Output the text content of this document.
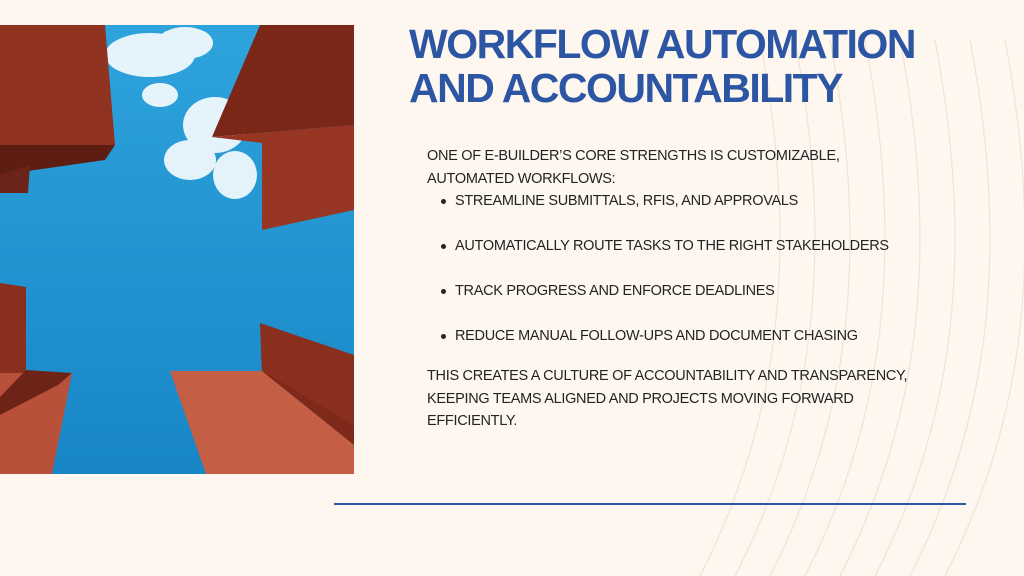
WORKFLOW AUTOMATION
AND ACCOUNTABILITY

ONE OF E-BUILDER’S CORE STRENGTHS IS CUSTOMIZABLE,
AUTOMATED WORKFLOWS:

STREAMLINE SUBMITTALS, RFIS, AND APPROVALS
AUTOMATICALLY ROUTE TASKS TO THE RIGHT STAKEHOLDERS
TRACK PROGRESS AND ENFORCE DEADLINES
REDUCE MANUAL FOLLOW-UPS AND DOCUMENT CHASING

THIS CREATES A CULTURE OF ACCOUNTABILITY AND TRANSPARENCY,
KEEPING TEAMS ALIGNED AND PROJECTS MOVING FORWARD
EFFICIENTLY.
